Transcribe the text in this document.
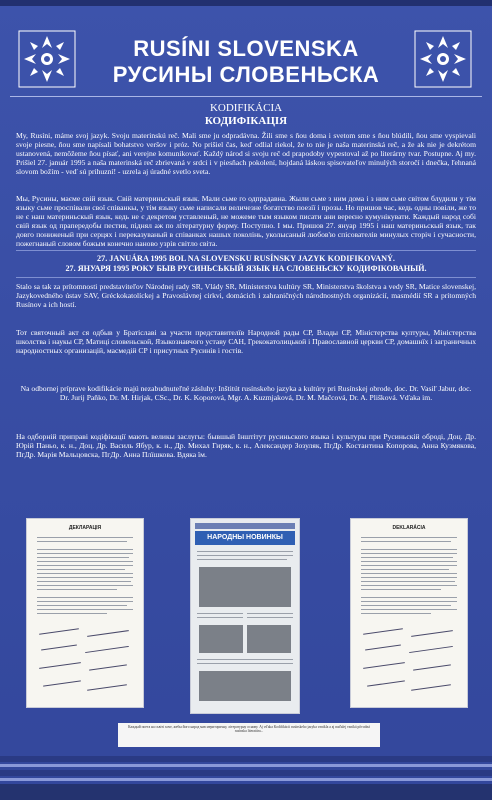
RUSÍNI SLOVENSKA
РУСИНЫ СЛОВЕНЬСКА
KODIFIKÁCIA
КОДИФІКАЦІЯ
My, Rusíni, máme svoj jazyk. Svoju materinskú reč. Mali sme ju odpradávna. Žili sme s ňou doma i svetom sme s ňou blúdili, ňou sme vyspievali svoje piesne, ňou sme napísali bohatstvo veršov i próz. No prišiel čas, keď odlial riekol, že to nie je naša materinská reč, a že ak nie je dekrétom ustanovená, nemôžeme ňou písať, ani verejne komunikovať. Každý národ si svoju reč od prapodoby vypestoval až po literárny tvar. Postupne. Aj my. Prišiel 27. január 1995 a naša materinská reč zbrievaná v srdci i v piesňach pokolení, hojdaná láskou spisovateľov minulých storočí i dnečka, ľehnaná slovom božím - veď sú prihuzní! - uzrela aj úradné svetlo sveta.
Мы, Русины, маєме свій язык. Свій материньскый язык. Мали сьме го одпрадавна. Жыли сьме з ним дома і з ним сьме світом блудили у тім языку сьме проспівали свої співанкы, у тім языку сьме написали величезне богатство поезії і прозы. Но пришов час, кедь одны повіли, же то не є наш материньскый язык, кедь не є декретом уставленый, не можеме тым языком писати ани вереєно кумунікувати. Каждый народ собі свій язык од прапередобы пестив, піднял аж по літературну форму. Поступно. І мы. Пришов 27. януар 1995 і наш материньскый язык, так довго пониженый при серцях і переказуваный в співанках нашых поколінь, уколысаный любов'ю спісователів минулых сторіч і сучасности, пожегнаный словом божым конечно наново узрів світло світа.
27. JANUÁRA 1995 BOL NA SLOVENSKU RUSÍNSKY JAZYK KODIFIKOVANÝ.
27. ЯНУАРЯ 1995 РОКУ БЫВ РУСИНЬСЬКЫЙ ЯЗЫК НА СЛОВЕНЬСКУ КОДИФІКОВАНЫЙ.
Stalo sa tak za prítomnosti predstaviteľov Národnej rady SR, Vlády SR, Ministerstva kultúry SR, Ministerstva školstva a vedy SR, Matice slovenskej, Jazykovedného ústav SAV, Gréckokatolíckej a Pravoslávnej cirkvi, domácich i zahraničných národnostných organizácií, masmédií SR a prítomných Rusínov a ich hostí.
Тот святочный акт ся одбыв у Братіславі за участи представителїв Народной рады СР, Влады СР, Міністерства културы, Міністерства школства і наукы СР, Матиці словеньской, Языкознавчого уставу САН, Грекокатолицькой і Православной церкви СР, домашнїх і заграничных народностных организацій, масмедій СР і присутных Русинів і гостів.
Na odbornej príprave kodifikácie majú nezabudnuteľné zásluhy: Inštitút rusínskeho jazyka a kultúry pri Rusínskej obrode, doc. Dr. Vasiľ Jabur, doc. Dr. Jurij Paňko, Dr. M. Hirjak, CSc., Dr. K. Koporová, Mgr. A. Kuzmjaková, Dr. M. Mačcová, Dr. A. Plišková. Vďaka im.
На одборній приправі кодіфікації мають великы заслугы: бывшый Інштітут русиньского языка і культуры при Русиньскій оброді, Доц. Др. Юрій Паньо, к. н., Доц. Др. Василь Ябур, к. н., Др. Михал Гиряк, к. н., Александер Зозуляк, ПгДр. Костантина Копорова, Анна Кузмякова, ПгДр. Марія Мальцовска, ПгДр. Анна Плїшкова. Вдяка їм.
ДЕКЛАРАЦІЯ
НАРОДНЫ НОВИНКЫ
DEKLARÁCIA
Каждый поета на сьвіті хоче, жебы його народ мав мериторичну, літературну основу. Aj vďaka Kodifikácii rusínskeho jazyka vznikla a aj naďalej vzniká pôvodná rusínska literatúra...
